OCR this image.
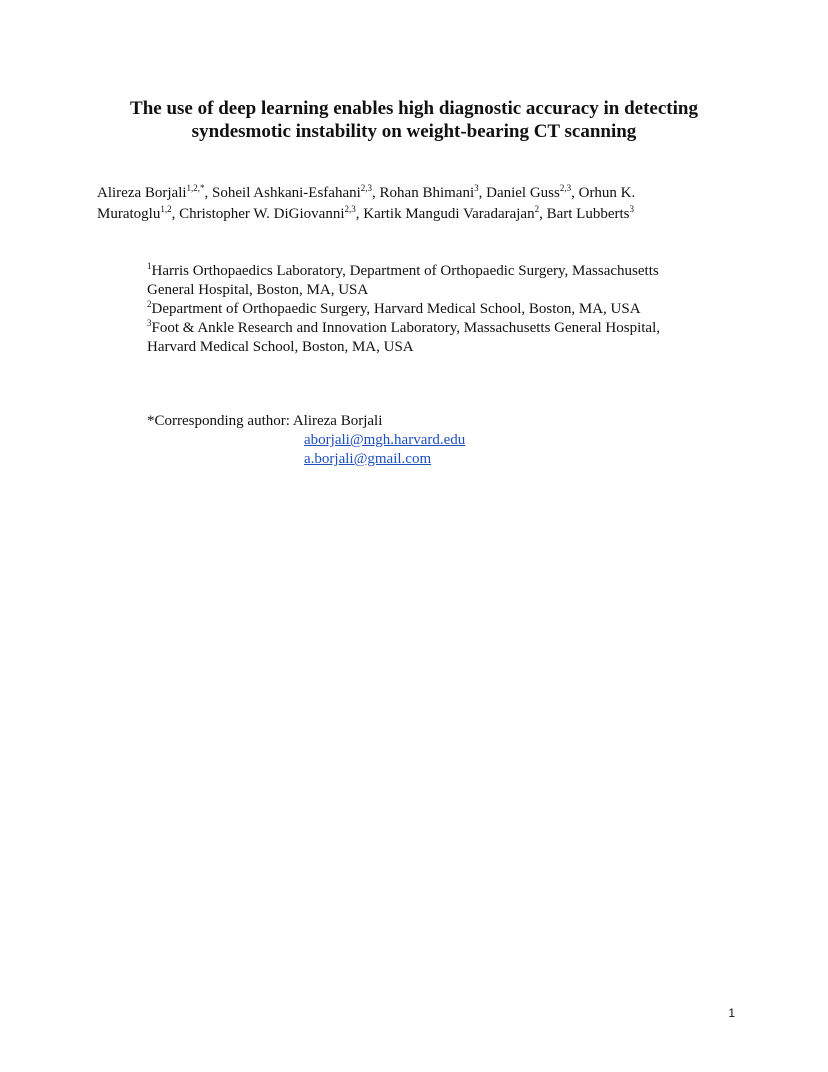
The use of deep learning enables high diagnostic accuracy in detecting
syndesmotic instability on weight-bearing CT scanning
Alireza Borjali$^{1,2,*}$, Soheil Ashkani-Esfahani$^{2,3}$, Rohan Bhimani$^3$, Daniel Guss$^{2,3}$, Orhun K.
Muratoglu$^{1,2}$, Christopher W. DiGiovanni$^{2,3}$, Kartik Mangudi Varadarajan$^2$, Bart Lubberts$^3$
$^1$Harris Orthopaedics Laboratory, Department of Orthopaedic Surgery, Massachusetts
General Hospital, Boston, MA, USA
$^2$Department of Orthopaedic Surgery, Harvard Medical School, Boston, MA, USA
$^3$Foot & Ankle Research and Innovation Laboratory, Massachusetts General Hospital,
Harvard Medical School, Boston, MA, USA
*Corresponding author: Alireza Borjali
aborjali@mgh.harvard.edu
a.borjali@gmail.com
1
